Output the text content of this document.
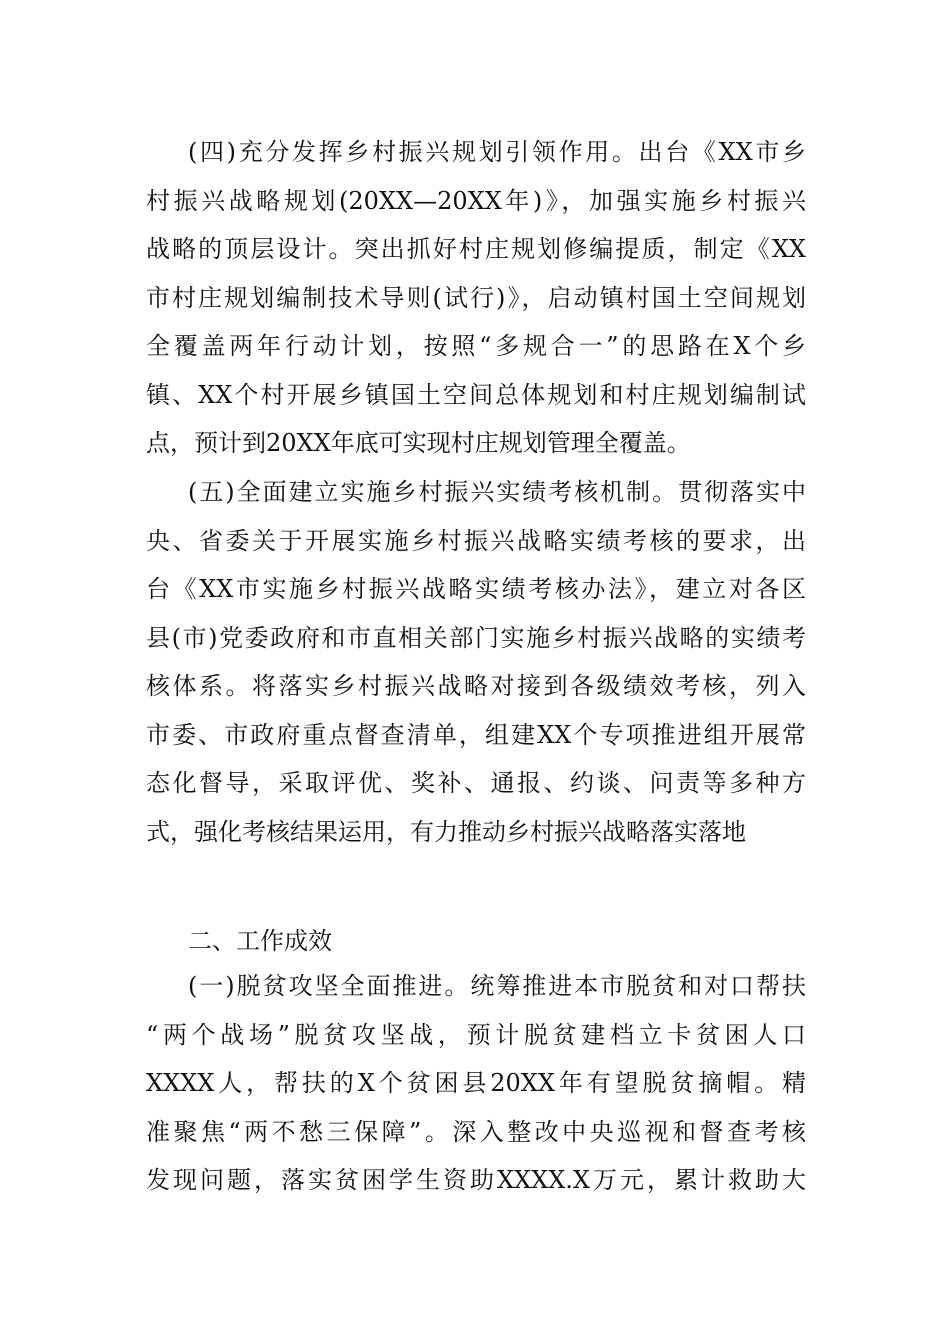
(四)充分发挥乡村振兴规划引领作用。出台《XX市乡
村振兴战略规划(20XX—20XX年)》，加强实施乡村振兴
战略的顶层设计。突出抓好村庄规划修编提质，制定《XX
市村庄规划编制技术导则(试行)》，启动镇村国土空间规划
全覆盖两年行动计划，按照“多规合一”的思路在X个乡
镇、XX个村开展乡镇国土空间总体规划和村庄规划编制试
点，预计到20XX年底可实现村庄规划管理全覆盖。
(五)全面建立实施乡村振兴实绩考核机制。贯彻落实中
央、省委关于开展实施乡村振兴战略实绩考核的要求，出
台《XX市实施乡村振兴战略实绩考核办法》，建立对各区
县(市)党委政府和市直相关部门实施乡村振兴战略的实绩考
核体系。将落实乡村振兴战略对接到各级绩效考核，列入
市委、市政府重点督查清单，组建XX个专项推进组开展常
态化督导，采取评优、奖补、通报、约谈、问责等多种方
式，强化考核结果运用，有力推动乡村振兴战略落实落地
二、工作成效
(一)脱贫攻坚全面推进。统筹推进本市脱贫和对口帮扶
“两个战场”脱贫攻坚战，预计脱贫建档立卡贫困人口
XXXX人，帮扶的X个贫困县20XX年有望脱贫摘帽。精
准聚焦“两不愁三保障”。深入整改中央巡视和督查考核
发现问题，落实贫困学生资助XXXX.X万元，累计救助大
